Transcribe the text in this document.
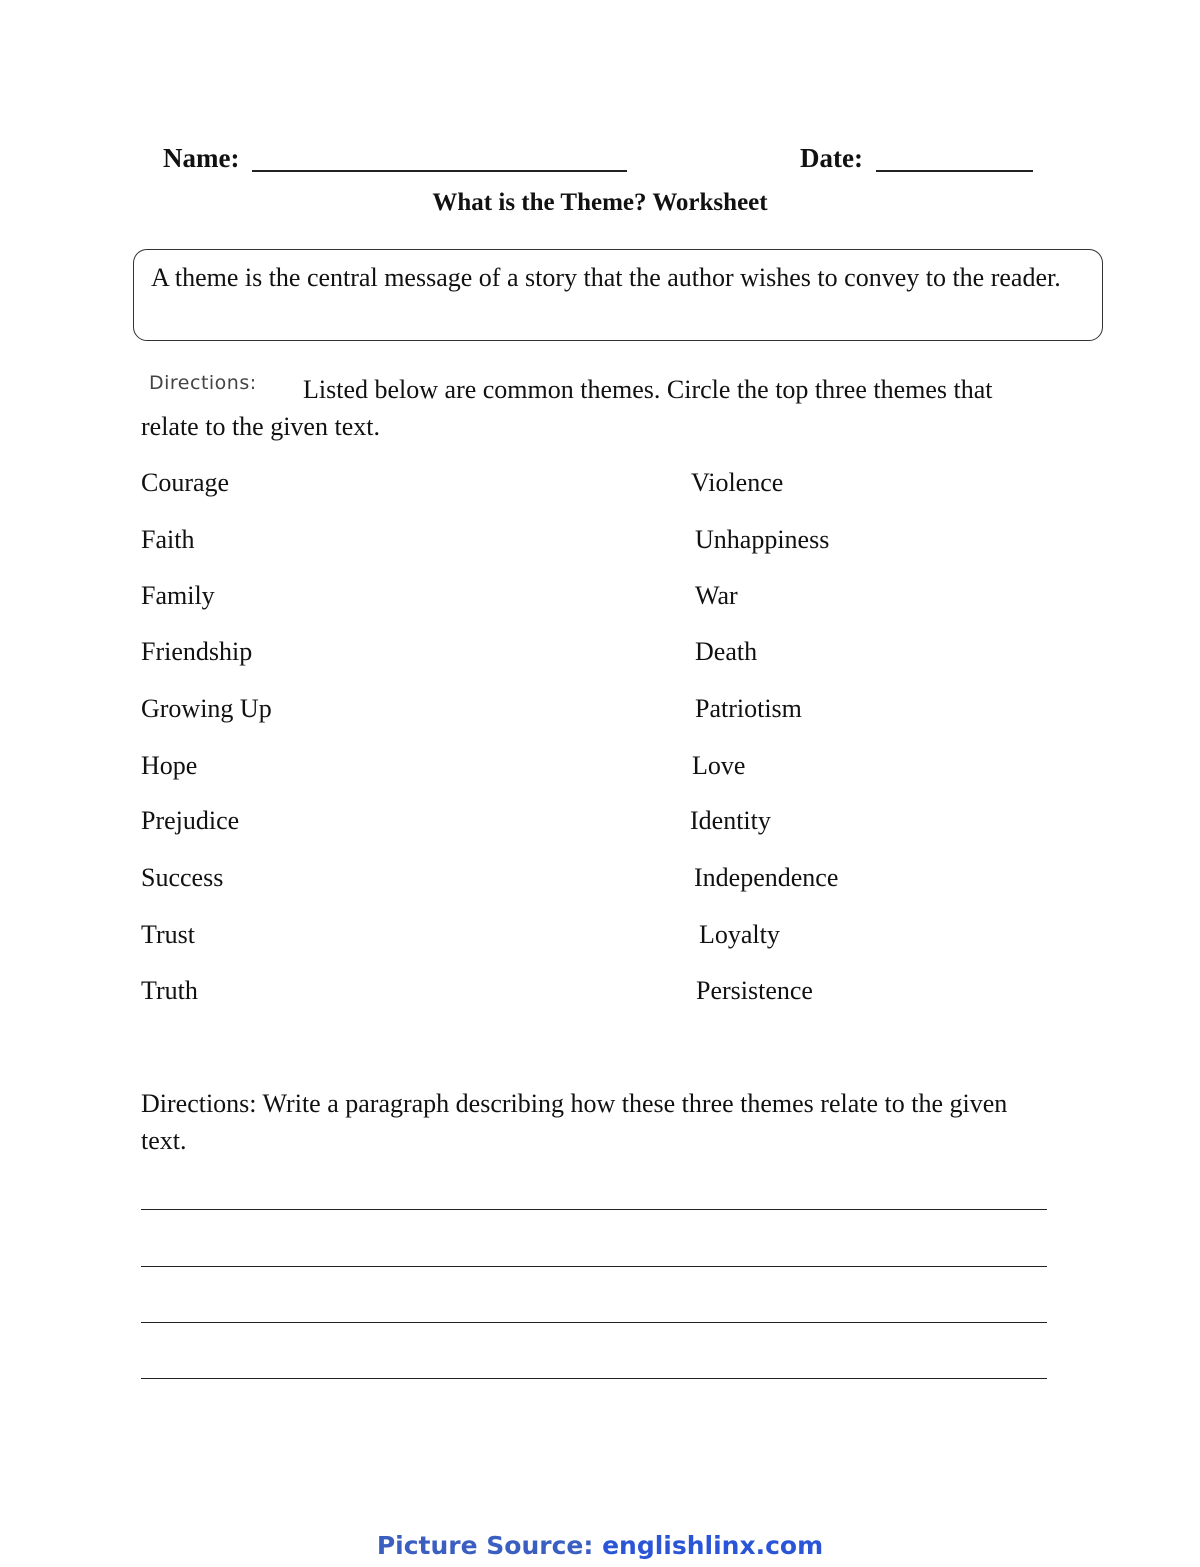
Name:	Date:
What is the Theme? Worksheet
A theme is the central message of a story that the author wishes to convey to the reader.
Directions: Listed below are common themes. Circle the top three themes that
relate to the given text.
Courage
Faith
Family
Friendship
Growing Up
Hope
Prejudice
Success
Trust
Truth
Violence
Unhappiness
War
Death
Patriotism
Love
Identity
Independence
Loyalty
Persistence
Directions: Write a paragraph describing how these three themes relate to the given
text.
Picture Source: englishlinx.com
